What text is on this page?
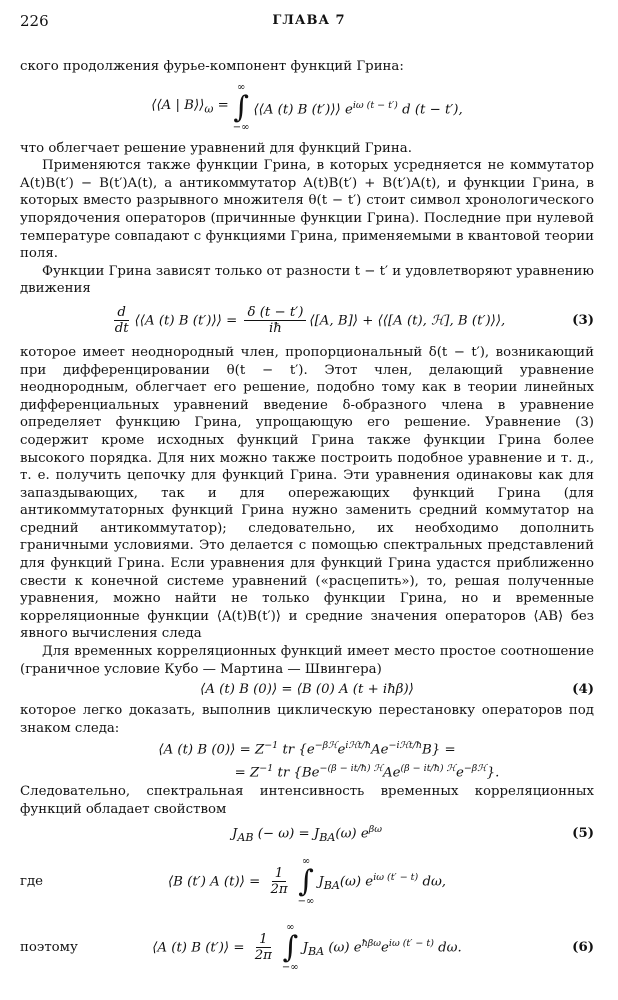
226	ГЛАВА 7

ского продолжения фурье-компонент функций Грина:

⟨⟨A | $B⟩⟩_\omega$ =
∞
∫
−∞
⟨⟨A (t) B (t′)⟩⟩ $e^{i\omega (t - t')}$ d (t − t′),

что облегчает решение уравнений для функций Грина.

Применяются также функции Грина, в которых усредняется не коммутатор A(t)B(t′) − B(t′)A(t), а антикоммутатор A(t)B(t′) + B(t′)A(t), и функции Грина, в которых вместо разрывного множителя θ(t − t′) стоит символ хронологического упорядочения операторов (причинные функции Грина). Последние при нулевой температуре совпадают с функциями Грина, применяемыми в квантовой теории поля.

Функции Грина зависят только от разности t − t′ и удовлетворяют уравнению движения

$\frac{d}{dt}$ ⟨⟨A (t) B (t′)⟩⟩ = $\frac{\delta (t - t')}{iħ}$ ⟨[A, B]⟩ + ⟨⟨[A (t), ℋ], B (t′)⟩⟩,	(3)

которое имеет неоднородный член, пропорциональный δ(t − t′), возникающий при дифференцировании θ(t − t′). Этот член, делающий уравнение неоднородным, облегчает его решение, подобно тому как в теории линейных дифференциальных уравнений введение δ-образного члена в уравнение определяет функцию Грина, упрощающую его решение. Уравнение (3) содержит кроме исходных функций Грина также функции Грина более высокого порядка. Для них можно также построить подобное уравнение и т. д., т. е. получить цепочку для функций Грина. Эти уравнения одинаковы как для запаздывающих, так и для опережающих функций Грина (для антикоммутаторных функций Грина нужно заменить средний коммутатор на средний антикоммутатор); следовательно, их необходимо дополнить граничными условиями. Это делается с помощью спектральных представлений для функций Грина. Если уравнения для функций Грина удастся приближенно свести к конечной системе уравнений («расцепить»), то, решая полученные уравнения, можно найти не только функции Грина, но и временные корреляционные функции ⟨A(t)B(t′)⟩ и средние значения операторов ⟨AB⟩ без явного вычисления следа

Для временных корреляционных функций имеет место простое соотношение (граничное условие Кубо — Мартина — Швингера)

⟨A (t) B (0)⟩ = ⟨B (0) A (t + iħβ)⟩	(4)

которое легко доказать, выполнив циклическую перестановку операторов под знаком следа:

⟨A (t) B (0)⟩ = $Z^{-1}$ tr $\{e^{-\beta ℋ}e^{iℋt/ħ}Ae^{-iℋt/ħ}B\}$ =
= $Z^{-1}$ tr $\{Be^{-(\beta - it/ħ) ℋ}Ae^{(\beta - it/ħ) ℋ}e^{-\beta ℋ}\}$.

Следовательно, спектральная интенсивность временных корреляционных функций обладает свойством

$J_{AB}$ (− $\omega) = J_{BA}(\omega)$ $e^{\beta\omega}$	(5)
где	⟨B (t′) A (t)⟩ = $\frac{1}{2\pi}$
∞
∫
−∞
$J_{BA}(\omega)$ $e^{i\omega (t' - t)}$ dω,
поэтому	⟨A (t) B (t′)⟩ = $\frac{1}{2\pi}$
∞
∫
−∞
$J_{BA}$ (ω) $e^{ħ\beta\omega}e^{i\omega (t' - t)}$ dω.	(6)
